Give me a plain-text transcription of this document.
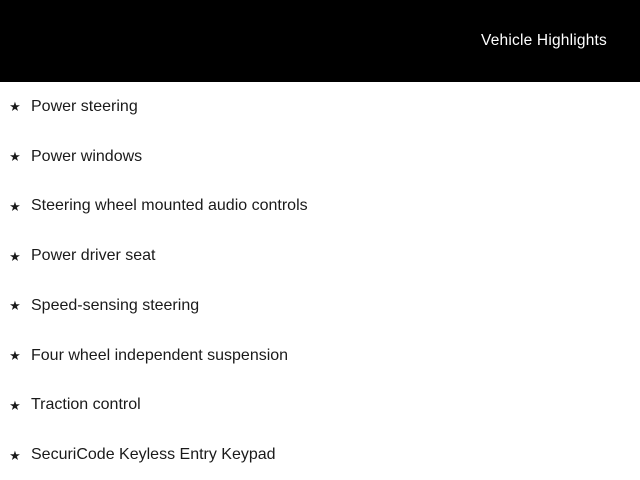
Vehicle Highlights
★ Power steering
★ Power windows
★ Steering wheel mounted audio controls
★ Power driver seat
★ Speed-sensing steering
★ Four wheel independent suspension
★ Traction control
★ SecuriCode Keyless Entry Keypad
